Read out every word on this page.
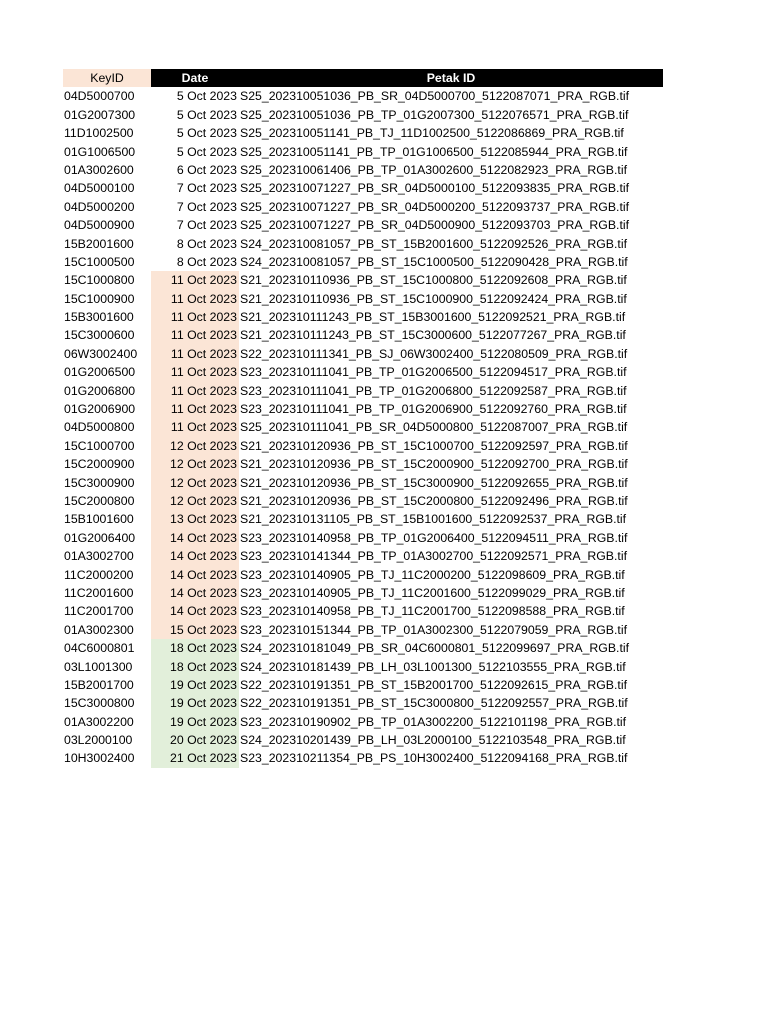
KeyID	Date	Petak ID
04D5000700	5 Oct 2023 S25_202310051036_PB_SR_04D5000700_5122087071_PRA_RGB.tif
01G2007300	5 Oct 2023 S25_202310051036_PB_TP_01G2007300_5122076571_PRA_RGB.tif
11D1002500	5 Oct 2023 S25_202310051141_PB_TJ_11D1002500_5122086869_PRA_RGB.tif
01G1006500	5 Oct 2023 S25_202310051141_PB_TP_01G1006500_5122085944_PRA_RGB.tif
01A3002600	6 Oct 2023 S25_202310061406_PB_TP_01A3002600_5122082923_PRA_RGB.tif
04D5000100	7 Oct 2023 S25_202310071227_PB_SR_04D5000100_5122093835_PRA_RGB.tif
04D5000200	7 Oct 2023 S25_202310071227_PB_SR_04D5000200_5122093737_PRA_RGB.tif
04D5000900	7 Oct 2023 S25_202310071227_PB_SR_04D5000900_5122093703_PRA_RGB.tif
15B2001600	8 Oct 2023 S24_202310081057_PB_ST_15B2001600_5122092526_PRA_RGB.tif
15C1000500	8 Oct 2023 S24_202310081057_PB_ST_15C1000500_5122090428_PRA_RGB.tif
15C1000800	11 Oct 2023 S21_202310110936_PB_ST_15C1000800_5122092608_PRA_RGB.tif
15C1000900	11 Oct 2023 S21_202310110936_PB_ST_15C1000900_5122092424_PRA_RGB.tif
15B3001600	11 Oct 2023 S21_202310111243_PB_ST_15B3001600_5122092521_PRA_RGB.tif
15C3000600	11 Oct 2023 S21_202310111243_PB_ST_15C3000600_5122077267_PRA_RGB.tif
06W3002400	11 Oct 2023 S22_202310111341_PB_SJ_06W3002400_5122080509_PRA_RGB.tif
01G2006500	11 Oct 2023 S23_202310111041_PB_TP_01G2006500_5122094517_PRA_RGB.tif
01G2006800	11 Oct 2023 S23_202310111041_PB_TP_01G2006800_5122092587_PRA_RGB.tif
01G2006900	11 Oct 2023 S23_202310111041_PB_TP_01G2006900_5122092760_PRA_RGB.tif
04D5000800	11 Oct 2023 S25_202310111041_PB_SR_04D5000800_5122087007_PRA_RGB.tif
15C1000700	12 Oct 2023 S21_202310120936_PB_ST_15C1000700_5122092597_PRA_RGB.tif
15C2000900	12 Oct 2023 S21_202310120936_PB_ST_15C2000900_5122092700_PRA_RGB.tif
15C3000900	12 Oct 2023 S21_202310120936_PB_ST_15C3000900_5122092655_PRA_RGB.tif
15C2000800	12 Oct 2023 S21_202310120936_PB_ST_15C2000800_5122092496_PRA_RGB.tif
15B1001600	13 Oct 2023 S21_202310131105_PB_ST_15B1001600_5122092537_PRA_RGB.tif
01G2006400	14 Oct 2023 S23_202310140958_PB_TP_01G2006400_5122094511_PRA_RGB.tif
01A3002700	14 Oct 2023 S23_202310141344_PB_TP_01A3002700_5122092571_PRA_RGB.tif
11C2000200	14 Oct 2023 S23_202310140905_PB_TJ_11C2000200_5122098609_PRA_RGB.tif
11C2001600	14 Oct 2023 S23_202310140905_PB_TJ_11C2001600_5122099029_PRA_RGB.tif
11C2001700	14 Oct 2023 S23_202310140958_PB_TJ_11C2001700_5122098588_PRA_RGB.tif
01A3002300	15 Oct 2023 S23_202310151344_PB_TP_01A3002300_5122079059_PRA_RGB.tif
04C6000801	18 Oct 2023 S24_202310181049_PB_SR_04C6000801_5122099697_PRA_RGB.tif
03L1001300	18 Oct 2023 S24_202310181439_PB_LH_03L1001300_5122103555_PRA_RGB.tif
15B2001700	19 Oct 2023 S22_202310191351_PB_ST_15B2001700_5122092615_PRA_RGB.tif
15C3000800	19 Oct 2023 S22_202310191351_PB_ST_15C3000800_5122092557_PRA_RGB.tif
01A3002200	19 Oct 2023 S23_202310190902_PB_TP_01A3002200_5122101198_PRA_RGB.tif
03L2000100	20 Oct 2023 S24_202310201439_PB_LH_03L2000100_5122103548_PRA_RGB.tif
10H3002400	21 Oct 2023 S23_202310211354_PB_PS_10H3002400_5122094168_PRA_RGB.tif
